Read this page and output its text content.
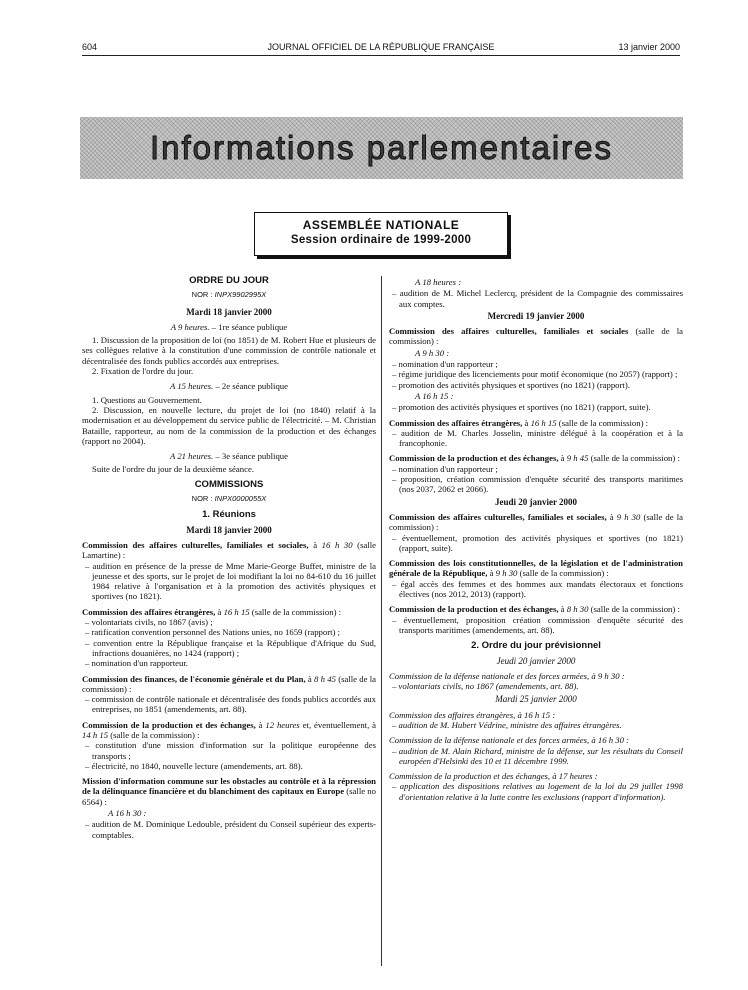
604	JOURNAL OFFICIEL DE LA RÉPUBLIQUE FRANÇAISE	13 janvier 2000
Informations parlementaires
ASSEMBLÉE NATIONALE
Session ordinaire de 1999-2000
ORDRE DU JOUR
NOR : INPX9902995X
Mardi 18 janvier 2000
A 9 heures. – 1re séance publique
1. Discussion de la proposition de loi (no 1851) de M. Robert Hue et plusieurs de ses collègues relative à la constitution d'une commission de contrôle nationale et décentralisée des fonds publics accordés aux entreprises.
2. Fixation de l'ordre du jour.
A 15 heures. – 2e séance publique
1. Questions au Gouvernement.
2. Discussion, en nouvelle lecture, du projet de loi (no 1840) relatif à la modernisation et au développement du service public de l'électricité. – M. Christian Bataille, rapporteur, au nom de la commission de la production et des échanges (rapport no 2004).
A 21 heures. – 3e séance publique
Suite de l'ordre du jour de la deuxième séance.
COMMISSIONS
NOR : INPX0000055X
1. Réunions
Mardi 18 janvier 2000
Commission des affaires culturelles, familiales et sociales, à 16 h 30 (salle Lamartine) :
– audition en présence de la presse de Mme Marie-George Buffet, ministre de la jeunesse et des sports, sur le projet de loi modifiant la loi no 84-610 du 16 juillet 1984 relative à l'organisation et à la promotion des activités physiques et sportives (no 1821).
Commission des affaires étrangères, à 16 h 15 (salle de la commission) :
– volontariats civils, no 1867 (avis) ;
– ratification convention personnel des Nations unies, no 1659 (rapport) ;
– convention entre la République française et la République d'Afrique du Sud, infractions douanières, no 1424 (rapport) ;
– nomination d'un rapporteur.
Commission des finances, de l'économie générale et du Plan, à 8 h 45 (salle de la commission) :
– commission de contrôle nationale et décentralisée des fonds publics accordés aux entreprises, no 1851 (amendements, art. 88).
Commission de la production et des échanges, à 12 heures et, éventuellement, à 14 h 15 (salle de la commission) :
– constitution d'une mission d'information sur la politique européenne des transports ;
– électricité, no 1840, nouvelle lecture (amendements, art. 88).
Mission d'information commune sur les obstacles au contrôle et à la répression de la délinquance financière et du blanchiment des capitaux en Europe (salle no 6564) :
A 16 h 30 :
– audition de M. Dominique Ledouble, président du Conseil supérieur des experts-comptables.
A 18 heures :
– audition de M. Michel Leclercq, président de la Compagnie des commissaires aux comptes.
Mercredi 19 janvier 2000
Commission des affaires culturelles, familiales et sociales (salle de la commission) :
A 9 h 30 :
– nomination d'un rapporteur ;
– régime juridique des licenciements pour motif économique (no 2057) (rapport) ;
– promotion des activités physiques et sportives (no 1821) (rapport).
A 16 h 15 :
– promotion des activités physiques et sportives (no 1821) (rapport, suite).
Commission des affaires étrangères, à 16 h 15 (salle de la commission) :
– audition de M. Charles Josselin, ministre délégué à la coopération et à la francophonie.
Commission de la production et des échanges, à 9 h 45 (salle de la commission) :
– nomination d'un rapporteur ;
– proposition, création commission d'enquête sécurité des transports maritimes (nos 2037, 2062 et 2066).
Jeudi 20 janvier 2000
Commission des affaires culturelles, familiales et sociales, à 9 h 30 (salle de la commission) :
– éventuellement, promotion des activités physiques et sportives (no 1821) (rapport, suite).
Commission des lois constitutionnelles, de la législation et de l'administration générale de la République, à 9 h 30 (salle de la commission) :
– égal accès des femmes et des hommes aux mandats électoraux et fonctions électives (nos 2012, 2013) (rapport).
Commission de la production et des échanges, à 8 h 30 (salle de la commission) :
– éventuellement, proposition création commission d'enquête sécurité des transports maritimes (amendements, art. 88).
2. Ordre du jour prévisionnel
Jeudi 20 janvier 2000
Commission de la défense nationale et des forces armées, à 9 h 30 :
– volontariats civils, no 1867 (amendements, art. 88).
Mardi 25 janvier 2000
Commission des affaires étrangères, à 16 h 15 :
– audition de M. Hubert Védrine, ministre des affaires étrangères.
Commission de la défense nationale et des forces armées, à 16 h 30 :
– audition de M. Alain Richard, ministre de la défense, sur les résultats du Conseil européen d'Helsinki des 10 et 11 décembre 1999.
Commission de la production et des échanges, à 17 heures :
– application des dispositions relatives au logement de la loi du 29 juillet 1998 d'orientation relative à la lutte contre les exclusions (rapport d'information).
